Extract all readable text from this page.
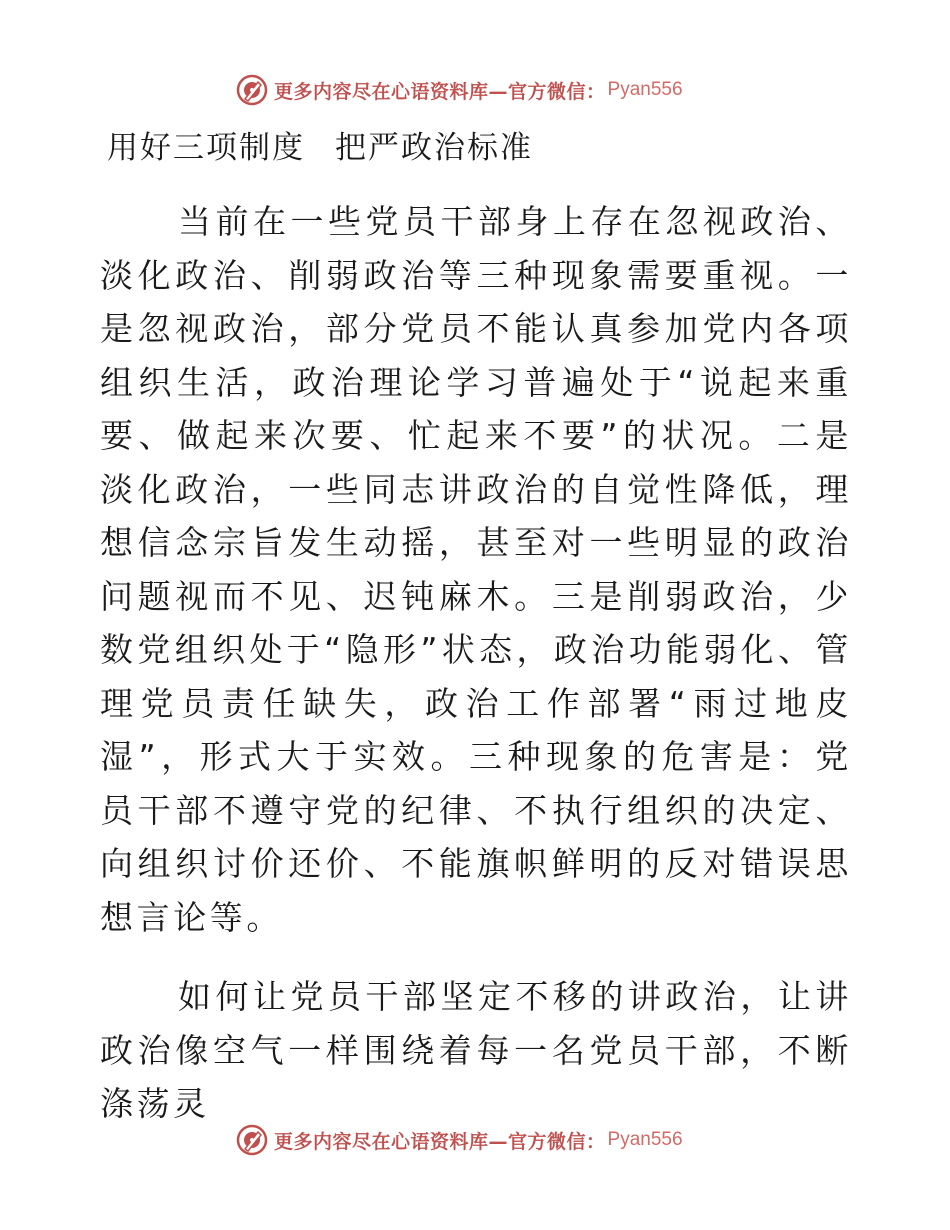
更多内容尽在心语资料库—官方微信： Pyan556
用好三项制度 把严政治标准

当前在一些党员干部身上存在忽视政治、淡化政治、削弱政治等三种现象需要重视。一是忽视政治，部分党员不能认真参加党内各项组织生活，政治理论学习普遍处于“说起来重要、做起来次要、忙起来不要”的状况。二是淡化政治，一些同志讲政治的自觉性降低，理想信念宗旨发生动摇，甚至对一些明显的政治问题视而不见、迟钝麻木。三是削弱政治，少数党组织处于“隐形”状态，政治功能弱化、管理党员责任缺失，政治工作部署“雨过地皮湿”，形式大于实效。三种现象的危害是：党员干部不遵守党的纪律、不执行组织的决定、向组织讨价还价、不能旗帜鲜明的反对错误思想言论等。

如何让党员干部坚定不移的讲政治，让讲政治像空气一样围绕着每一名党员干部，不断涤荡灵

更多内容尽在心语资料库—官方微信： Pyan556
